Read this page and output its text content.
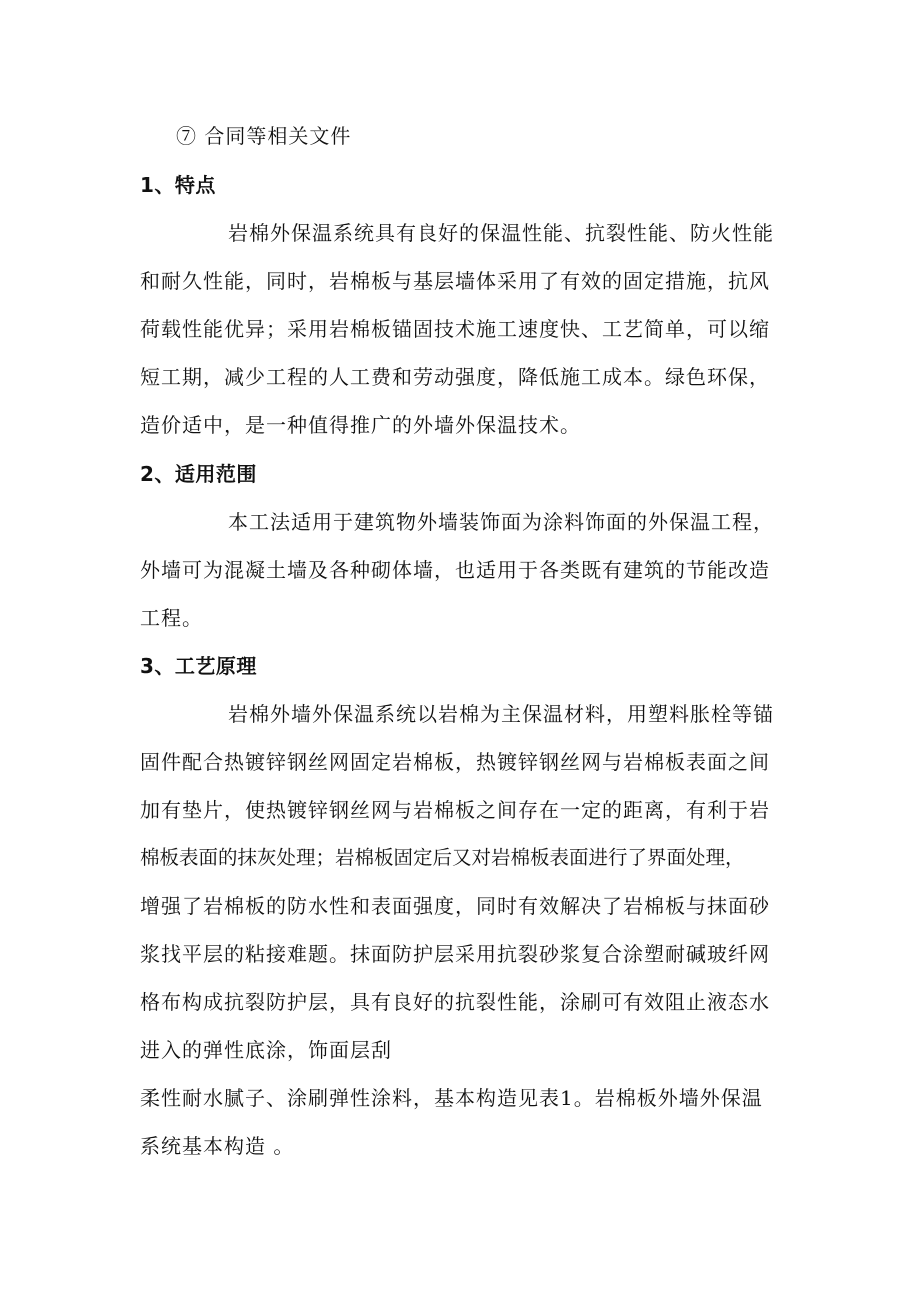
⑦ 合同等相关文件
1、特点
岩棉外保温系统具有良好的保温性能、抗裂性能、防火性能
和耐久性能，同时，岩棉板与基层墙体采用了有效的固定措施，抗风
荷载性能优异；采用岩棉板锚固技术施工速度快、工艺简单，可以缩
短工期，减少工程的人工费和劳动强度，降低施工成本。绿色环保，
造价适中，是一种值得推广的外墙外保温技术。
2、适用范围
本工法适用于建筑物外墙装饰面为涂料饰面的外保温工程，
外墙可为混凝土墙及各种砌体墙，也适用于各类既有建筑的节能改造
工程。
3、工艺原理
岩棉外墙外保温系统以岩棉为主保温材料，用塑料胀栓等锚
固件配合热镀锌钢丝网固定岩棉板，热镀锌钢丝网与岩棉板表面之间
加有垫片，使热镀锌钢丝网与岩棉板之间存在一定的距离，有利于岩
棉板表面的抹灰处理；岩棉板固定后又对岩棉板表面进行了界面处理，
增强了岩棉板的防水性和表面强度，同时有效解决了岩棉板与抹面砂
浆找平层的粘接难题。抹面防护层采用抗裂砂浆复合涂塑耐碱玻纤网
格布构成抗裂防护层，具有良好的抗裂性能，涂刷可有效阻止液态水
进入的弹性底涂，饰面层刮
柔性耐水腻子、涂刷弹性涂料，基本构造见表1。岩棉板外墙外保温
系统基本构造 。
